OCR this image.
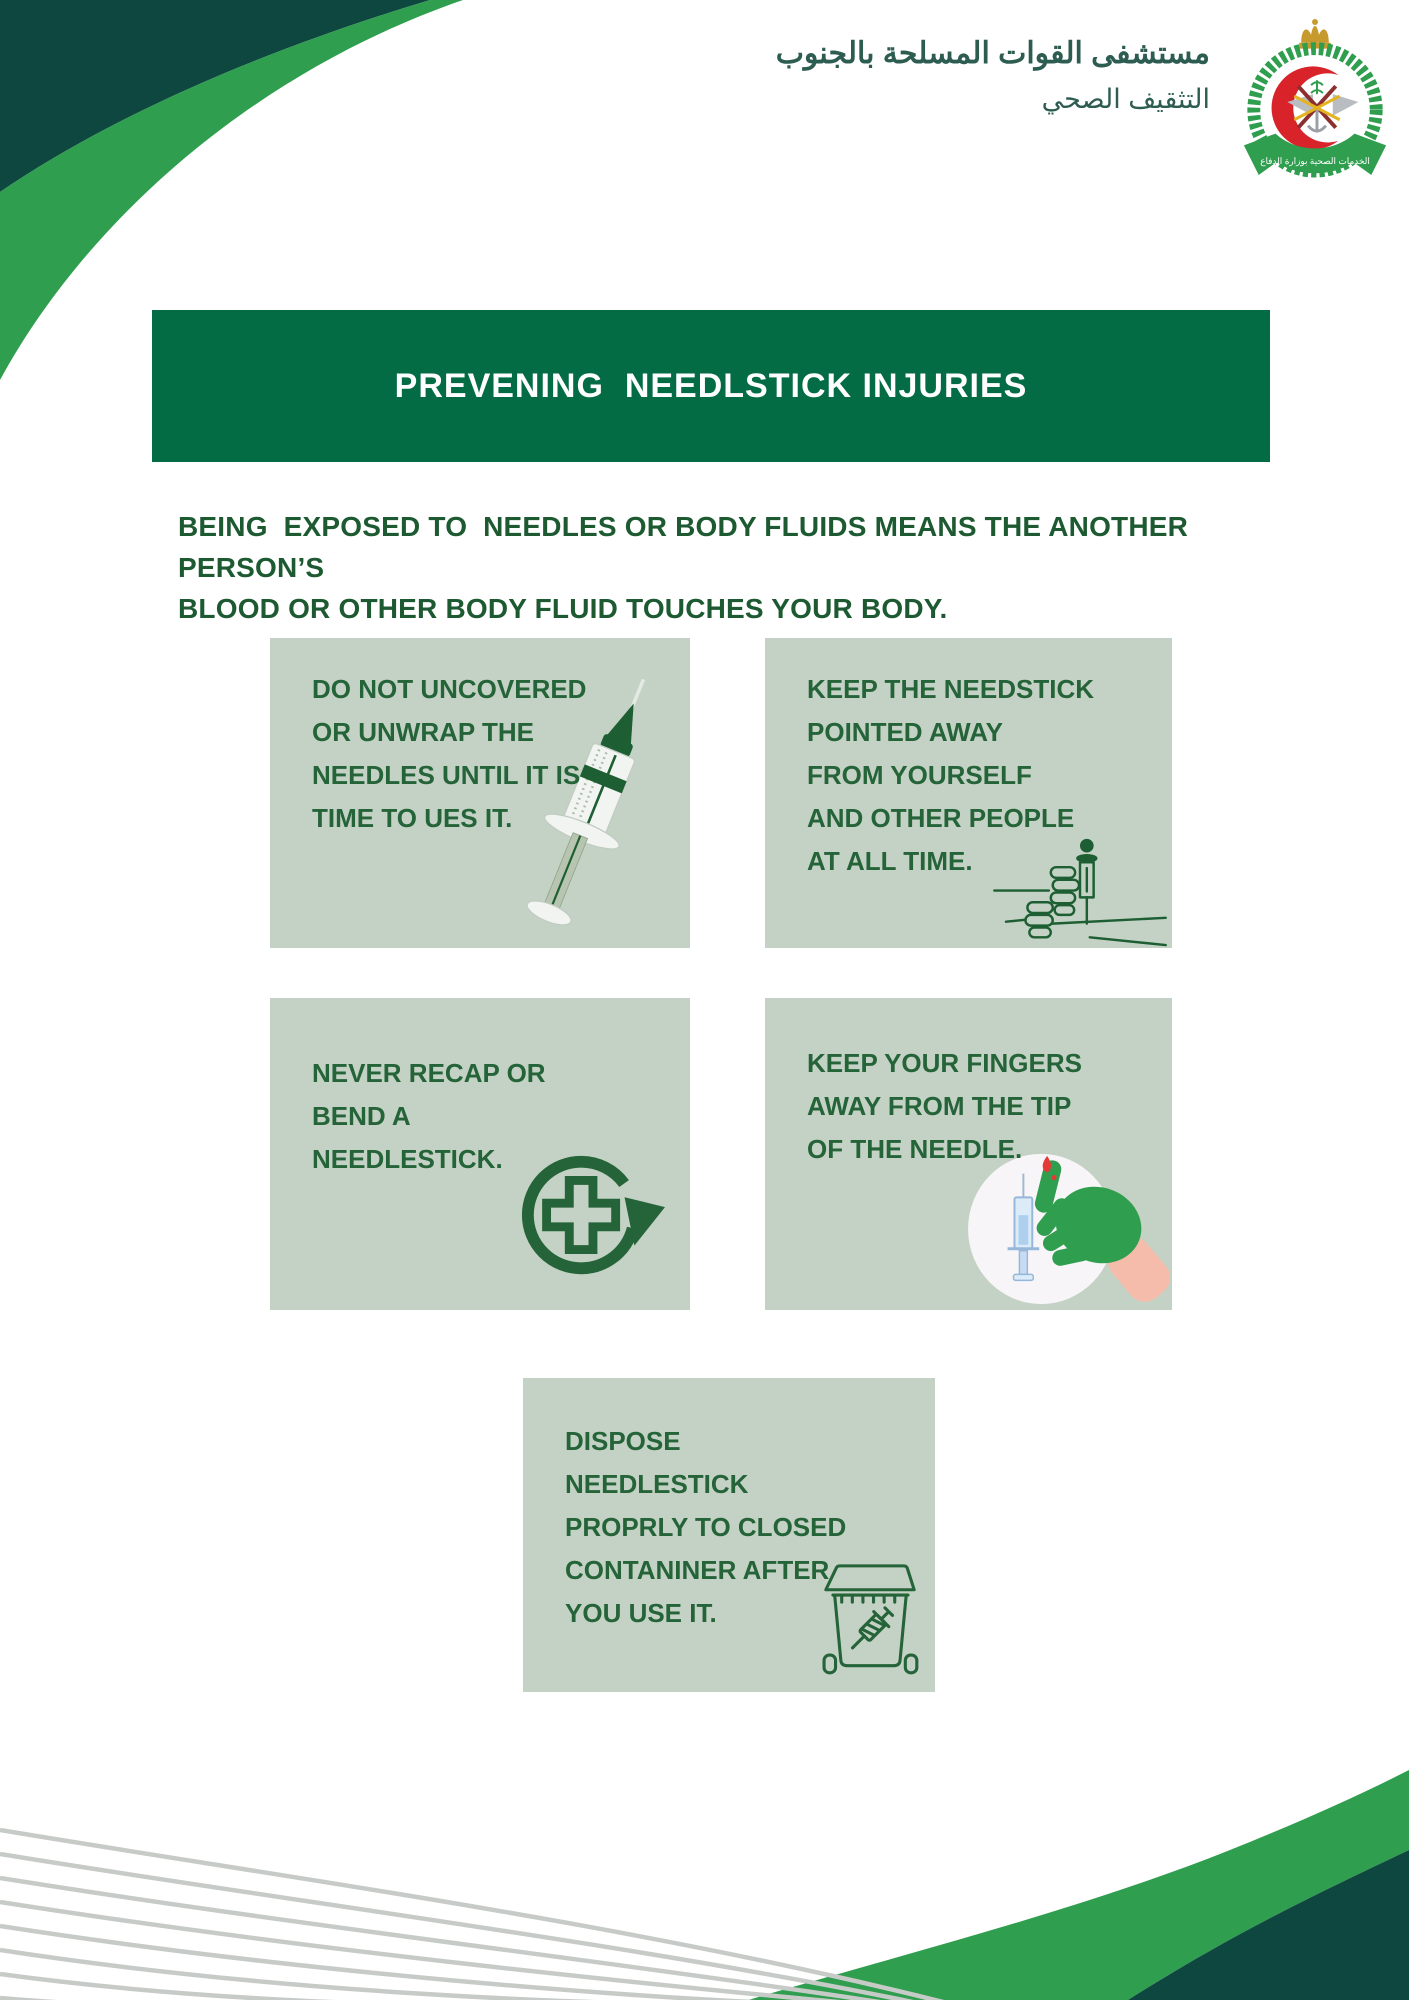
مستشفى القوات المسلحة بالجنوب
التثقيف الصحي
الخدمات الصحية بوزارة الدفاع
PREVENING  NEEDLSTICK INJURIES
BEING  EXPOSED TO  NEEDLES OR BODY FLUIDS MEANS THE ANOTHER PERSON’S
BLOOD OR OTHER BODY FLUID TOUCHES YOUR BODY.
DO NOT UNCOVERED
OR UNWRAP THE
NEEDLES UNTIL IT IS
TIME TO UES IT.
KEEP THE NEEDSTICK
POINTED AWAY
FROM YOURSELF
AND OTHER PEOPLE
AT ALL TIME.
NEVER RECAP OR
BEND A
NEEDLESTICK.
KEEP YOUR FINGERS
AWAY FROM THE TIP
OF THE NEEDLE.
DISPOSE
NEEDLESTICK
PROPRLY TO CLOSED
CONTANINER AFTER
YOU USE IT.
